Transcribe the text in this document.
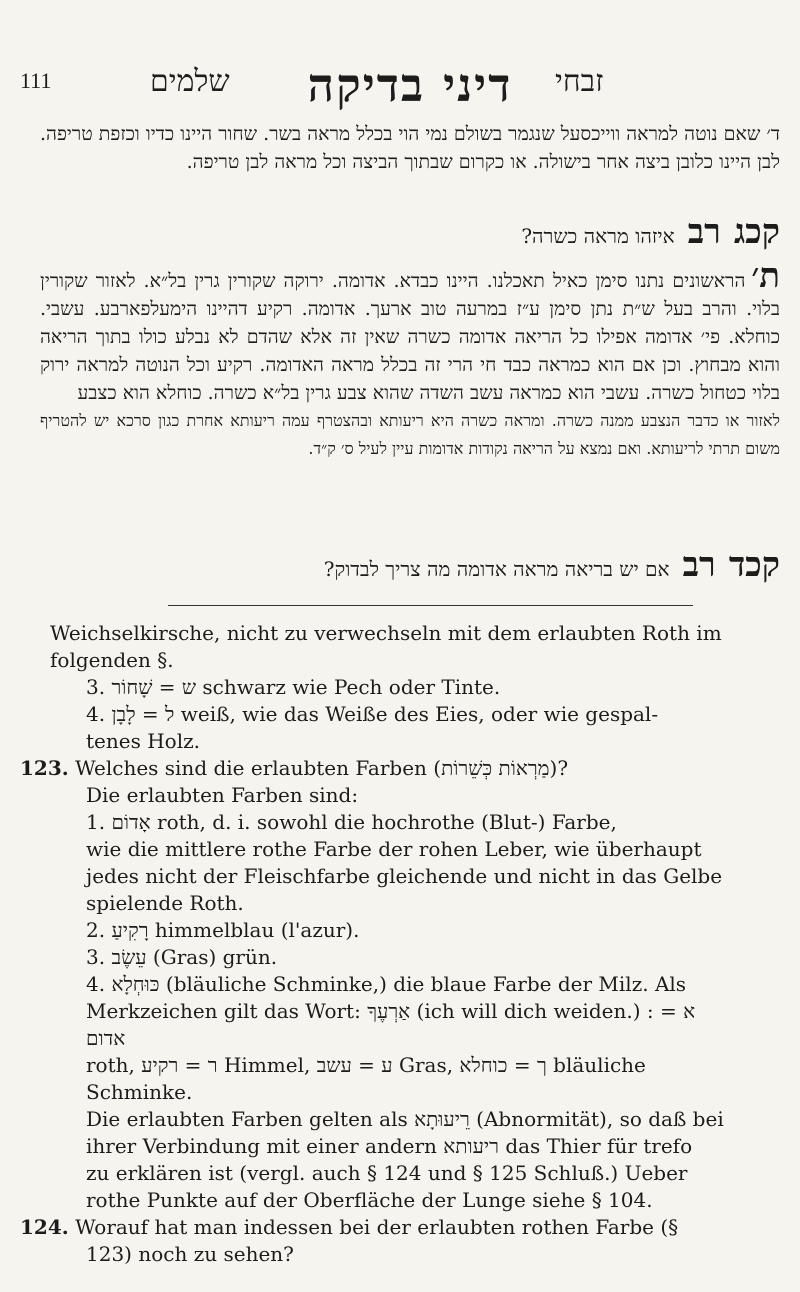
111	שלמים	דיני בדיקה	זבחי

ד׳ שאם נוטה למראה ווייכסעל שנגמר בשולם נמי הוי בכלל מראה בשר. שחור היינו כדיו וכזפת טריפה. לבן היינו כלובן ביצה אחר בישולה. או כקרום שבתוך הביצה וכל מראה לבן טריפה.

קכג רב איזהו מראה כשרה?

ת׳הראשונים נתנו סימן כאיל תאכלנו. היינו כבדא. אדומה. ירוקה שקורין גרין בל״א. לאזור שקורין בלוי. והרב בעל ש״ת נתן סימן ע״ז במרעה טוב ארעך. אדומה. רקיע דהיינו הימעלפארבע. עשבי. כוחלא. פי׳ אדומה אפילו כל הריאה אדומה כשרה שאין זה אלא שהדם לא נבלע כולו בתוך הריאה והוא מבחוץ. וכן אם הוא כמראה כבד חי הרי זה בכלל מראה האדומה. רקיע וכל הנוטה למראה ירוק בלוי כטחול כשרה. עשבי הוא כמראה עשב השדה שהוא צבע גרין בל״א כשרה. כוחלא הוא כצבע

לאזור או כדבר הנצבע ממנה כשרה. ומראה כשרה היא ריעותא ובהצטרף עמה ריעותא אחרת כגון סרכא יש להטריף משום תרתי לריעותא. ואם נמצא על הריאה נקודות אדומות עיין לעיל ס׳ ק״ד.

קכד רב אם יש בריאה מראה אדומה מה צריך לבדוק?

Weichselkirsche, nicht zu verwechseln mit dem erlaubten Roth im

folgenden §.

3. ש = שָׁחוֹר schwarz wie Pech oder Tinte.

4. ל = לָבָן weiß, wie das Weiße des Eies, oder wie gespal-

tenes Holz.

123. Welches sind die erlaubten Farben (מַרְאוֹת כְּשֵׁרוֹת)?

Die erlaubten Farben sind:

1. אָדוֹם roth, d. i. sowohl die hochrothe (Blut-) Farbe,

wie die mittlere rothe Farbe der rohen Leber, wie überhaupt

jedes nicht der Fleischfarbe gleichende und nicht in das Gelbe

spielende Roth.

2. רָקִיעַ himmelblau (l'azur).

3. עֵשֶׂב (Gras) grün.

4. כּוּחְלָא (bläuliche Schminke,) die blaue Farbe der Milz. Als

Merkzeichen gilt das Wort: אַרְעֶךָ (ich will dich weiden.) : א = אדום

roth, ר = רקיע Himmel, ע = עשב Gras, ך = כוחלא bläuliche Schminke.

Die erlaubten Farben gelten als רֵיעוּתָא (Abnormität), so daß bei

ihrer Verbindung mit einer andern ריעותא das Thier für trefo

zu erklären ist (vergl. auch § 124 und § 125 Schluß.) Ueber

rothe Punkte auf der Oberfläche der Lunge siehe § 104.

124. Worauf hat man indessen bei der erlaubten rothen Farbe (§

123) noch zu sehen?
